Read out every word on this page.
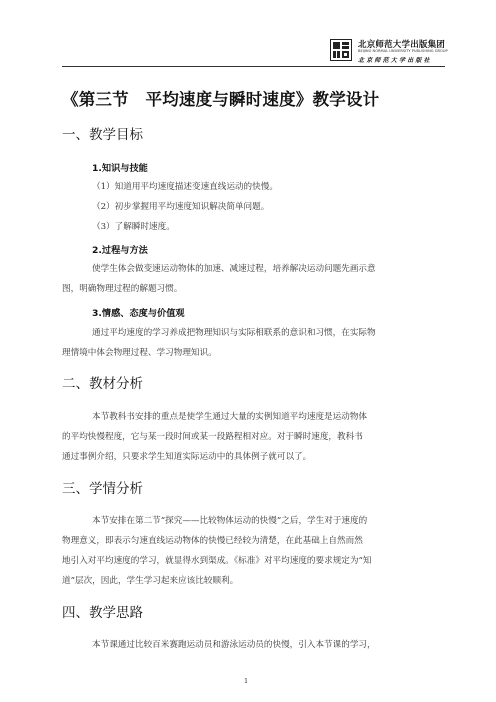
北京师范大学出版集团
BEIJING NORMAL UNIVERSITY PUBLISHING GROUP
北京师范大学出版社
《第三节　平均速度与瞬时速度》教学设计
一、教学目标
1.知识与技能
（1）知道用平均速度描述变速直线运动的快慢。
（2）初步掌握用平均速度知识解决简单问题。
（3）了解瞬时速度。
2.过程与方法
使学生体会做变速运动物体的加速、减速过程，培养解决运动问题先画示意
图，明确物理过程的解题习惯。
3.情感、态度与价值观
通过平均速度的学习养成把物理知识与实际相联系的意识和习惯，在实际物
理情境中体会物理过程、学习物理知识。
二、教材分析
本节教科书安排的重点是使学生通过大量的实例知道平均速度是运动物体
的平均快慢程度，它与某一段时间或某一段路程相对应。对于瞬时速度，教科书
通过事例介绍，只要求学生知道实际运动中的具体例子就可以了。
三、学情分析
本节安排在第二节“探究——比较物体运动的快慢”之后，学生对于速度的
物理意义，即表示匀速直线运动物体的快慢已经较为清楚，在此基础上自然而然
地引入对平均速度的学习，就显得水到渠成。《标准》对平均速度的要求规定为“知
道”层次，因此，学生学习起来应该比较顺利。
四、教学思路
本节课通过比较百米赛跑运动员和游泳运动员的快慢，引入本节课的学习，
1
